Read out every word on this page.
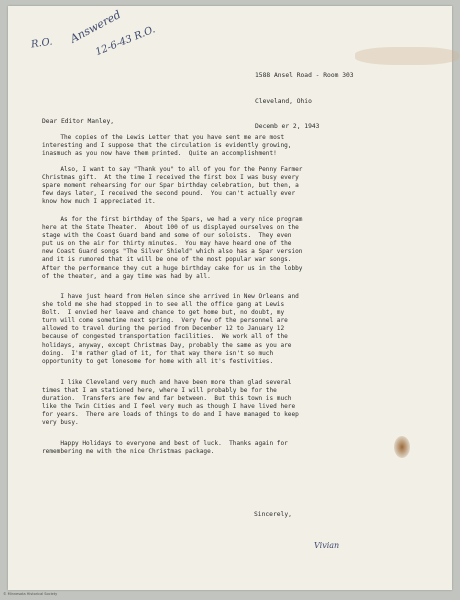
R.O. Answered
12-6-43 R.O.

1588 Ansel Road - Room 303

Cleveland, Ohio

Decemb er 2, 1943

Dear Editor Manley,
The copies of the Lewis Letter that you have sent me are most
interesting and I suppose that the circulation is evidently growing,
inasmuch as you now have them printed.  Quite an accomplishment!
Also, I want to say "Thank you" to all of you for the Penny Farmer
Christmas gift.  At the time I received the first box I was busy every
spare moment rehearsing for our Spar birthday celebration, but then, a
few days later, I received the second pound.  You can't actually ever
know how much I appreciated it.
As for the first birthday of the Spars, we had a very nice program
here at the State Theater.  About 100 of us displayed ourselves on the
stage with the Coast Guard band and some of our soloists.  They even
put us on the air for thirty minutes.  You may have heard one of the
new Coast Guard songs "The Silver Shield" which also has a Spar version
and it is rumored that it will be one of the most popular war songs.
After the performance they cut a huge birthday cake for us in the lobby
of the theater, and a gay time was had by all.
I have just heard from Helen since she arrived in New Orleans and
she told me she had stopped in to see all the office gang at Lewis
Bolt.  I envied her leave and chance to get home but, no doubt, my
turn will come sometime next spring.  Very few of the personnel are
allowed to travel during the period from December 12 to January 12
because of congested transportation facilities.  We work all of the
holidays, anyway, except Christmas Day, probably the same as you are
doing.  I'm rather glad of it, for that way there isn't so much
opportunity to get lonesome for home with all it's festivities.
I like Cleveland very much and have been more than glad several
times that I am stationed here, where I will probably be for the
duration.  Transfers are few and far between.  But this town is much
like the Twin Cities and I feel very much as though I have lived here
for years.  There are loads of things to do and I have managed to keep
very busy.
Happy Holidays to everyone and best of luck.  Thanks again for
remembering me with the nice Christmas package.
Sincerely,
Vivian
© Minnesota Historical Society
